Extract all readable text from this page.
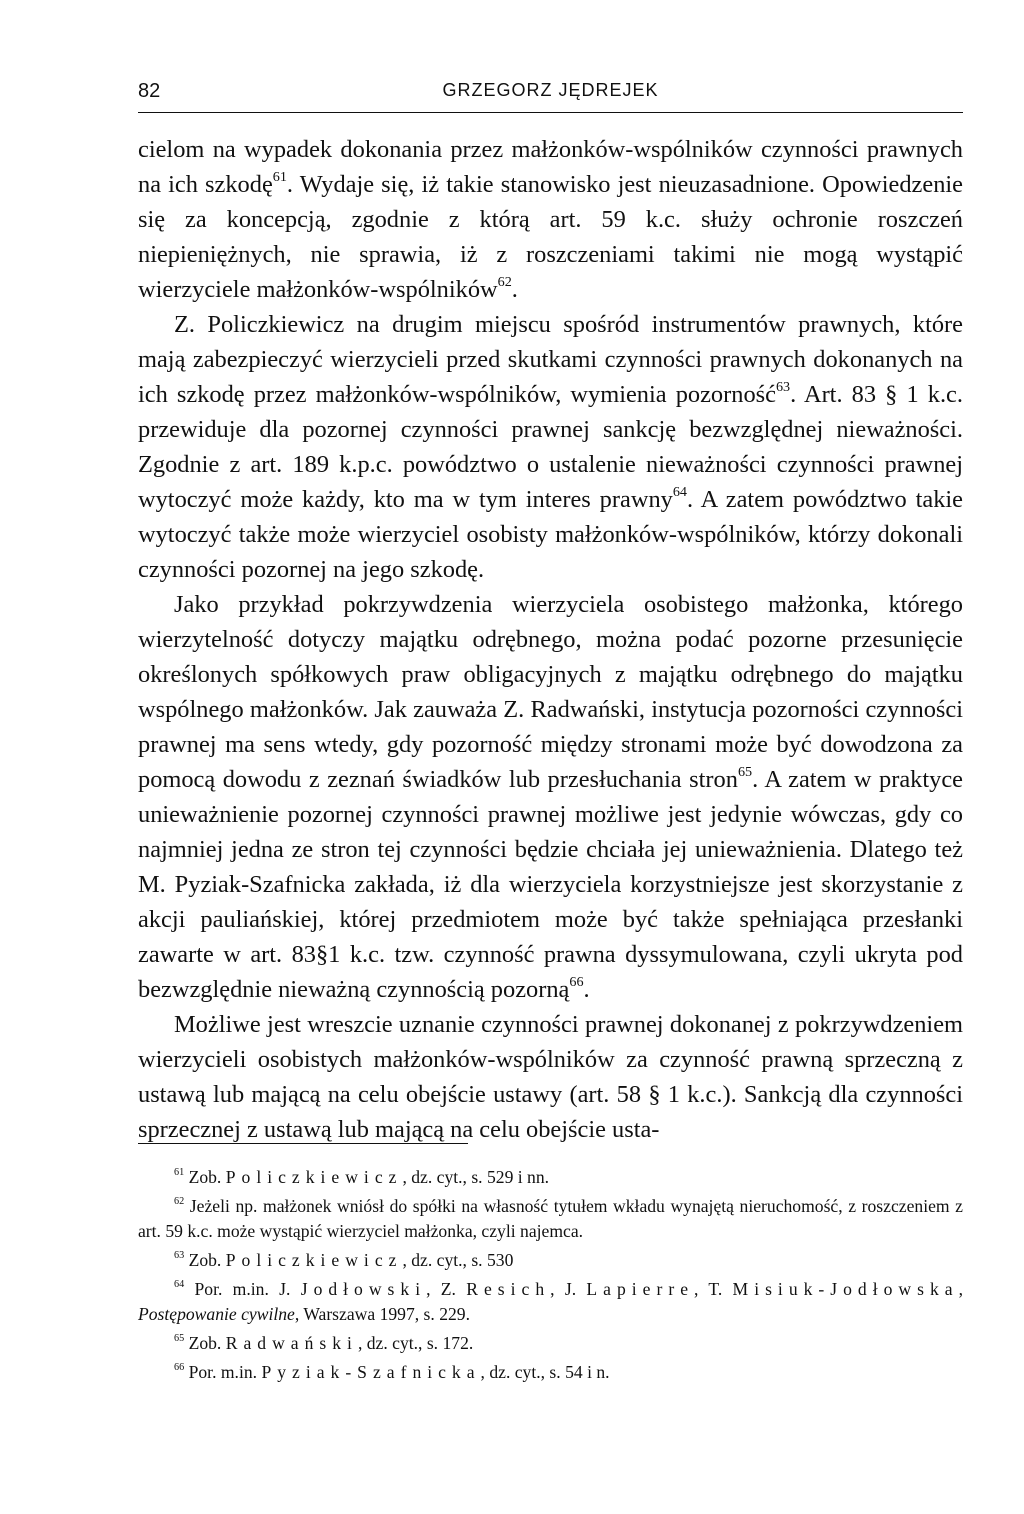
82	GRZEGORZ JĘDREJEK

cielom na wypadek dokonania przez małżonków-wspólników czynności prawnych na ich szkodę$^{61}$. Wydaje się, iż takie stanowisko jest nieuzasadnione. Opowiedzenie się za koncepcją, zgodnie z którą art. 59 k.c. służy ochronie roszczeń niepieniężnych, nie sprawia, iż z roszczeniami takimi nie mogą wystąpić wierzyciele małżonków-wspólników$^{62}$.

Z. Policzkiewicz na drugim miejscu spośród instrumentów prawnych, które mają zabezpieczyć wierzycieli przed skutkami czynności prawnych dokonanych na ich szkodę przez małżonków-wspólników, wymienia pozorność$^{63}$. Art. 83 § 1 k.c. przewiduje dla pozornej czynności prawnej sankcję bezwzględnej nieważności. Zgodnie z art. 189 k.p.c. powództwo o ustalenie nieważności czynności prawnej wytoczyć może każdy, kto ma w tym interes prawny$^{64}$. A zatem powództwo takie wytoczyć także może wierzyciel osobisty małżonków-wspólników, którzy dokonali czynności pozornej na jego szkodę.

Jako przykład pokrzywdzenia wierzyciela osobistego małżonka, którego wierzytelność dotyczy majątku odrębnego, można podać pozorne przesunięcie określonych spółkowych praw obligacyjnych z majątku odrębnego do majątku wspólnego małżonków. Jak zauważa Z. Radwański, instytucja pozorności czynności prawnej ma sens wtedy, gdy pozorność między stronami może być dowodzona za pomocą dowodu z zeznań świadków lub przesłuchania stron$^{65}$. A zatem w praktyce unieważnienie pozornej czynności prawnej możliwe jest jedynie wówczas, gdy co najmniej jedna ze stron tej czynności będzie chciała jej unieważnienia. Dlatego też M. Pyziak-Szafnicka zakłada, iż dla wierzyciela korzystniejsze jest skorzystanie z akcji pauliańskiej, której przedmiotem może być także spełniająca przesłanki zawarte w art. 83§1 k.c. tzw. czynność prawna dyssymulowana, czyli ukryta pod bezwzględnie nieważną czynnością pozorną$^{66}$.

Możliwe jest wreszcie uznanie czynności prawnej dokonanej z pokrzywdzeniem wierzycieli osobistych małżonków-wspólników za czynność prawną sprzeczną z ustawą lub mającą na celu obejście ustawy (art. 58 § 1 k.c.). Sankcją dla czynności sprzecznej z ustawą lub mającą na celu obejście usta-

$^{61}$ Zob. Policzkiewicz, dz. cyt., s. 529 i nn.

$^{62}$ Jeżeli np. małżonek wniósł do spółki na własność tytułem wkładu wynajętą nieruchomość, z roszczeniem z art. 59 k.c. może wystąpić wierzyciel małżonka, czyli najemca.

$^{63}$ Zob. Policzkiewicz, dz. cyt., s. 530

$^{64}$ Por. m.in. J. Jodłowski, Z. Resich, J. Lapierre, T. Misiuk-Jodłowska, Postępowanie cywilne, Warszawa 1997, s. 229.

$^{65}$ Zob. Radwański, dz. cyt., s. 172.

$^{66}$ Por. m.in. Pyziak-Szafnicka, dz. cyt., s. 54 i n.
